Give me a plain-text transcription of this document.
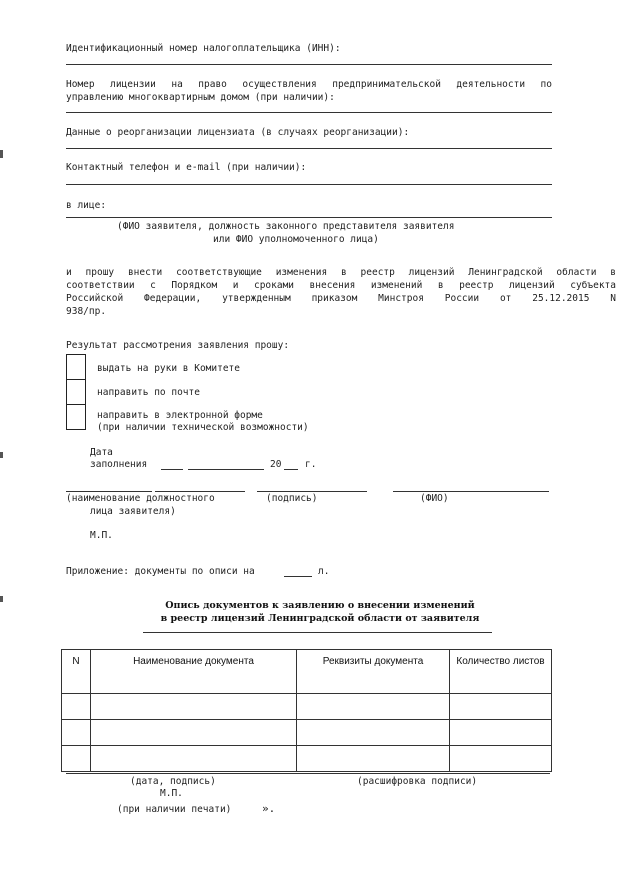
Идентификационный номер налогоплательщика (ИНН):
Номер лицензии на право осуществления предпринимательской деятельности по
управлению многоквартирным домом (при наличии):
Данные о реорганизации лицензиата (в случаях реорганизации):
Контактный телефон и e-mail (при наличии):
в лице:
(ФИО заявителя, должность законного представителя заявителя
или ФИО уполномоченного лица)
и прошу внести соответствующие изменения в реестр лицензий Ленинградской области в
соответствии с Порядком и сроками внесения изменений в реестр лицензий субъекта
Российской Федерации, утвержденным приказом Минстроя России от 25.12.2015 N
938/пр.
Результат рассмотрения заявления прошу:
выдать на руки в Комитете
направить по почте
направить в электронной форме
(при наличии технической возможности)
Дата
заполнения	20 г.
(наименование должностного
лица заявителя)
(подпись)	(ФИО)
М.П.
Приложение: документы по описи на	л.
Опись документов к заявлению о внесении изменений
в реестр лицензий Ленинградской области от заявителя
N	Наименование документа	Реквизиты документа	Количество листов

(дата, подпись)	(расшифровка подписи)
М.П.
(при наличии печати)	».
